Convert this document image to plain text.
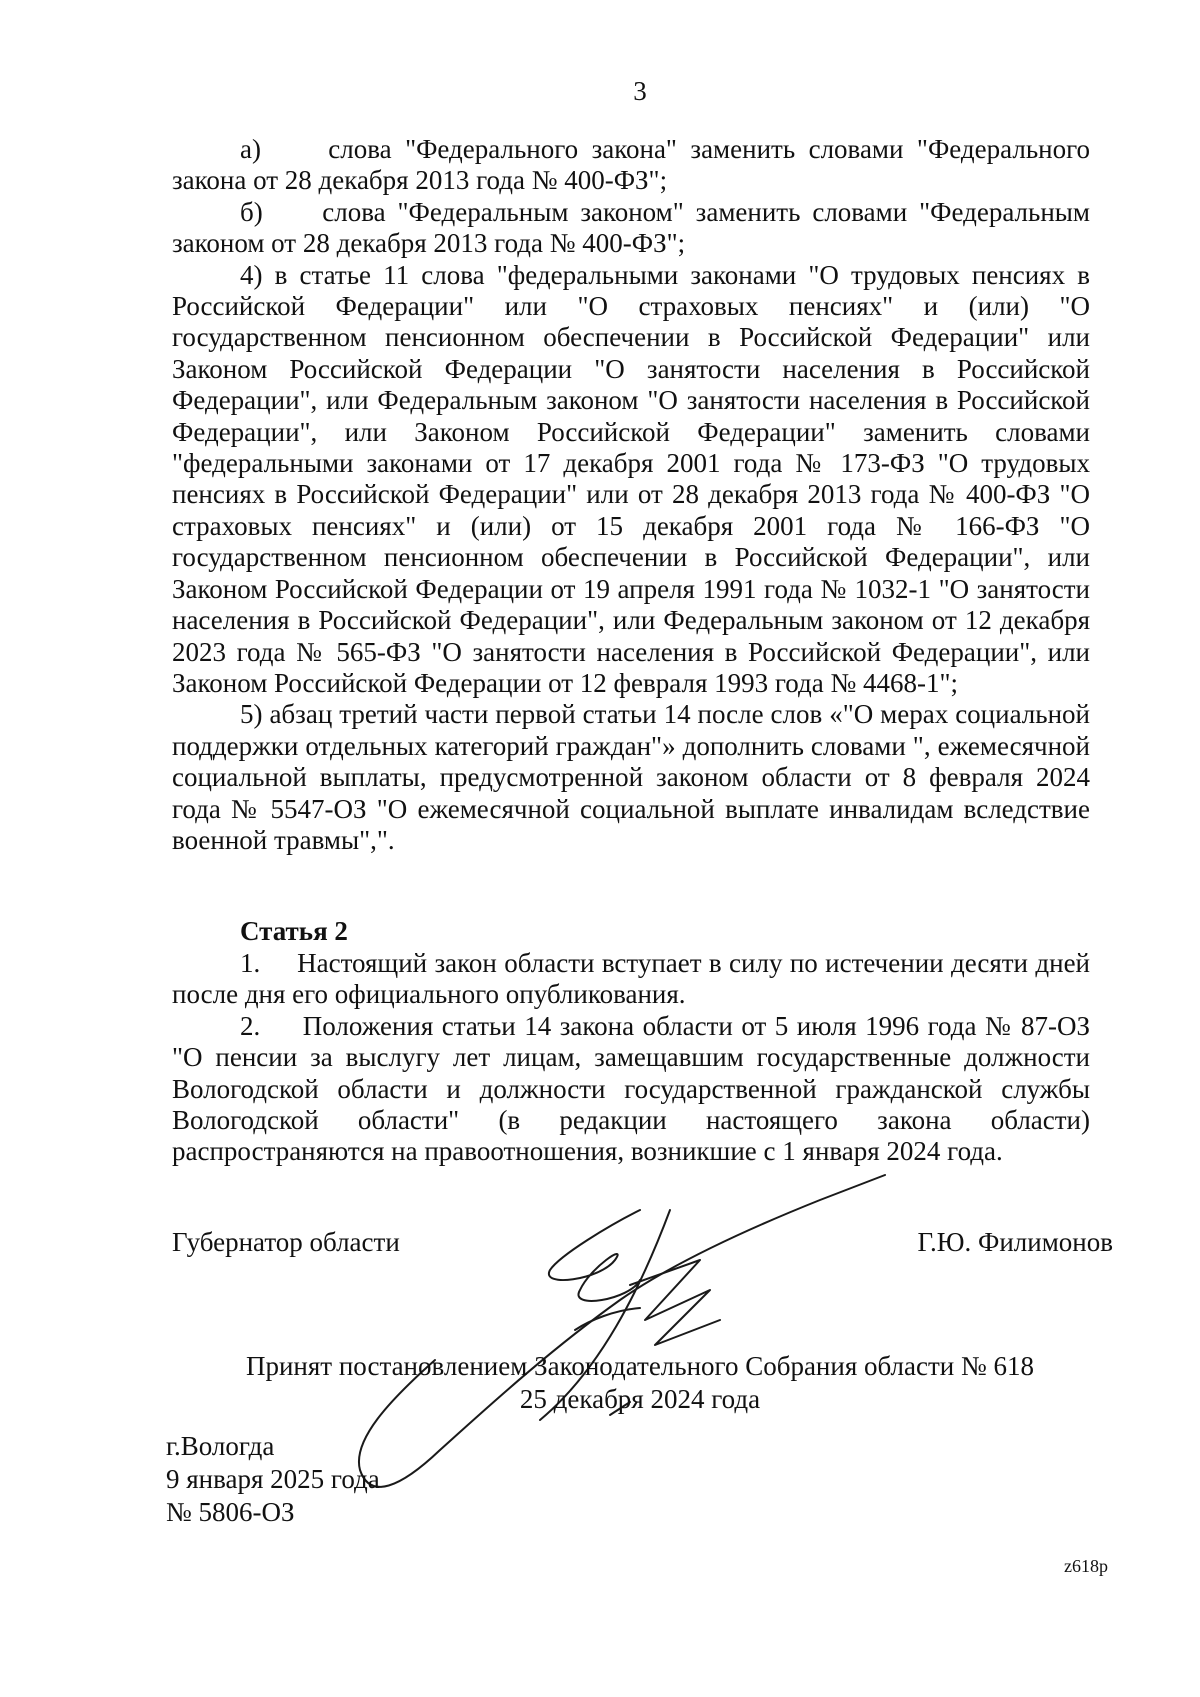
3

а)     слова "Федерального закона" заменить словами "Федерального закона от 28 декабря 2013 года № 400-ФЗ";

б)     слова "Федеральным законом" заменить словами "Федеральным законом от 28 декабря 2013 года № 400-ФЗ";

4) в статье 11 слова "федеральными законами "О трудовых пенсиях в Российской Федерации" или "О страховых пенсиях" и (или) "О государственном пенсионном обеспечении в Российской Федерации" или Законом Российской Федерации "О занятости населения в Российской Федерации", или Федеральным законом "О занятости населения в Российской Федерации", или Законом Российской Федерации" заменить словами "федеральными законами от 17 декабря 2001 года № 173-ФЗ "О трудовых пенсиях в Российской Федерации" или от 28 декабря 2013 года № 400-ФЗ "О страховых пенсиях" и (или) от 15 декабря 2001 года № 166-ФЗ "О государственном пенсионном обеспечении в Российской Федерации", или Законом Российской Федерации от 19 апреля 1991 года № 1032-1 "О занятости населения в Российской Федерации", или Федеральным законом от 12 декабря 2023 года № 565-ФЗ "О занятости населения в Российской Федерации", или Законом Российской Федерации от 12 февраля 1993 года № 4468-1";

5) абзац третий части первой статьи 14 после слов «"О мерах социальной поддержки отдельных категорий граждан"» дополнить словами ", ежемесячной социальной выплаты, предусмотренной законом области от 8 февраля 2024 года № 5547-ОЗ "О ежемесячной социальной выплате инвалидам вследствие военной травмы",".

Статья 2

1.     Настоящий закон области вступает в силу по истечении десяти дней после дня его официального опубликования.

2.     Положения статьи 14 закона области от 5 июля 1996 года № 87-ОЗ "О пенсии за выслугу лет лицам, замещавшим государственные должности Вологодской области и должности государственной гражданской службы Вологодской области" (в редакции настоящего закона области) распространяются на правоотношения, возникшие с 1 января 2024 года.

Губернатор области	Г.Ю. Филимонов
Принят постановлением Законодательного Собрания области № 618
25 декабря 2024 года
г.Вологда
9 января 2025 года
№ 5806-ОЗ
z618p
